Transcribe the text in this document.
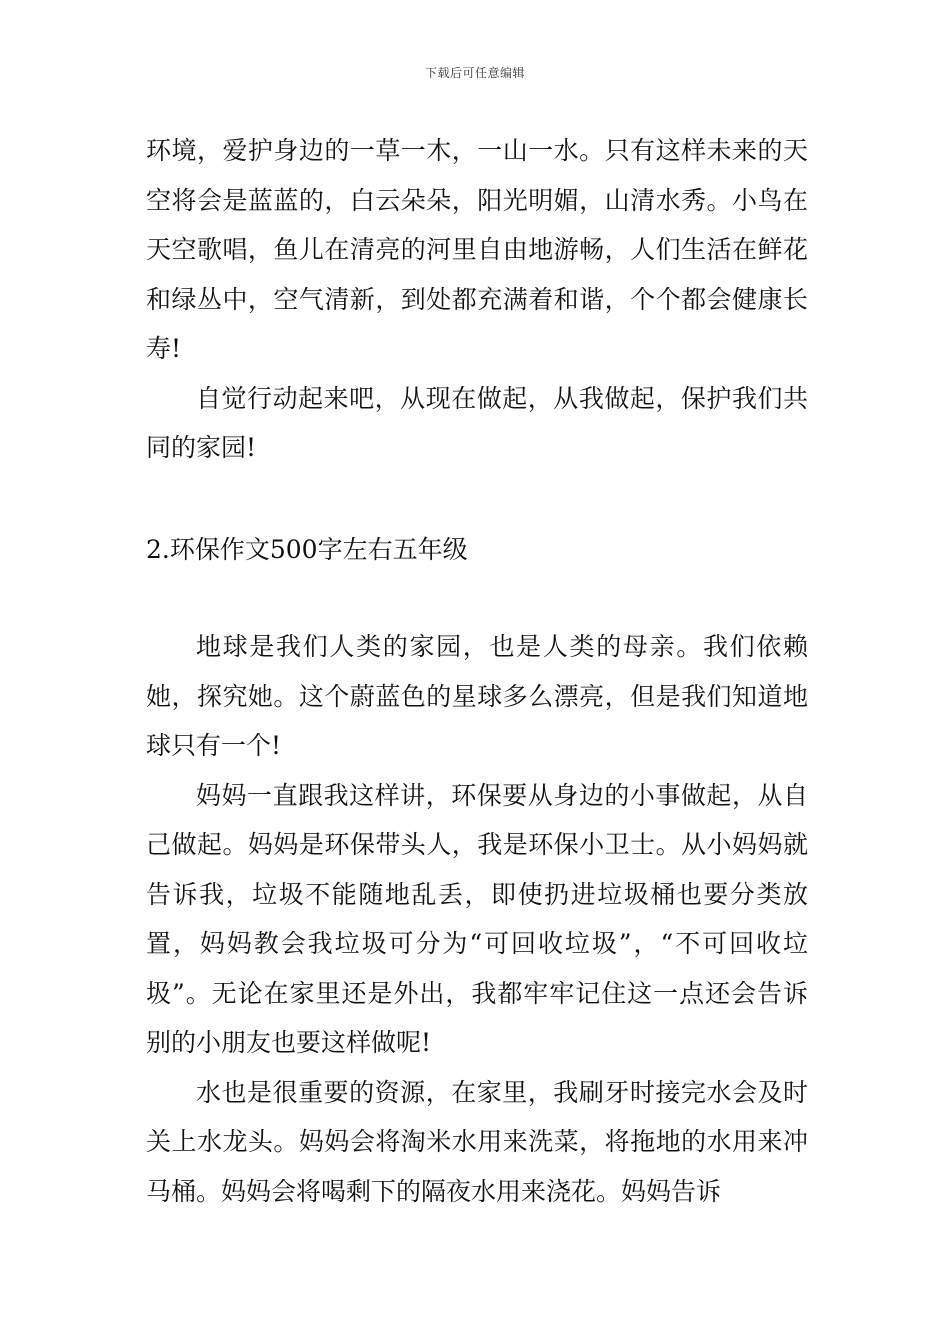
下载后可任意编辑

环境，爱护身边的一草一木，一山一水。只有这样未来的天空将会是蓝蓝的，白云朵朵，阳光明媚，山清水秀。小鸟在天空歌唱，鱼儿在清亮的河里自由地游畅，人们生活在鲜花和绿丛中，空气清新，到处都充满着和谐，个个都会健康长寿!

自觉行动起来吧，从现在做起，从我做起，保护我们共同的家园!

2.环保作文500字左右五年级

地球是我们人类的家园，也是人类的母亲。我们依赖她，探究她。这个蔚蓝色的星球多么漂亮，但是我们知道地球只有一个!

妈妈一直跟我这样讲，环保要从身边的小事做起，从自己做起。妈妈是环保带头人，我是环保小卫士。从小妈妈就告诉我，垃圾不能随地乱丢，即使扔进垃圾桶也要分类放置，妈妈教会我垃圾可分为“可回收垃圾”，“不可回收垃圾”。无论在家里还是外出，我都牢牢记住这一点还会告诉别的小朋友也要这样做呢!

水也是很重要的资源，在家里，我刷牙时接完水会及时关上水龙头。妈妈会将淘米水用来洗菜，将拖地的水用来冲马桶。妈妈会将喝剩下的隔夜水用来浇花。妈妈告诉
